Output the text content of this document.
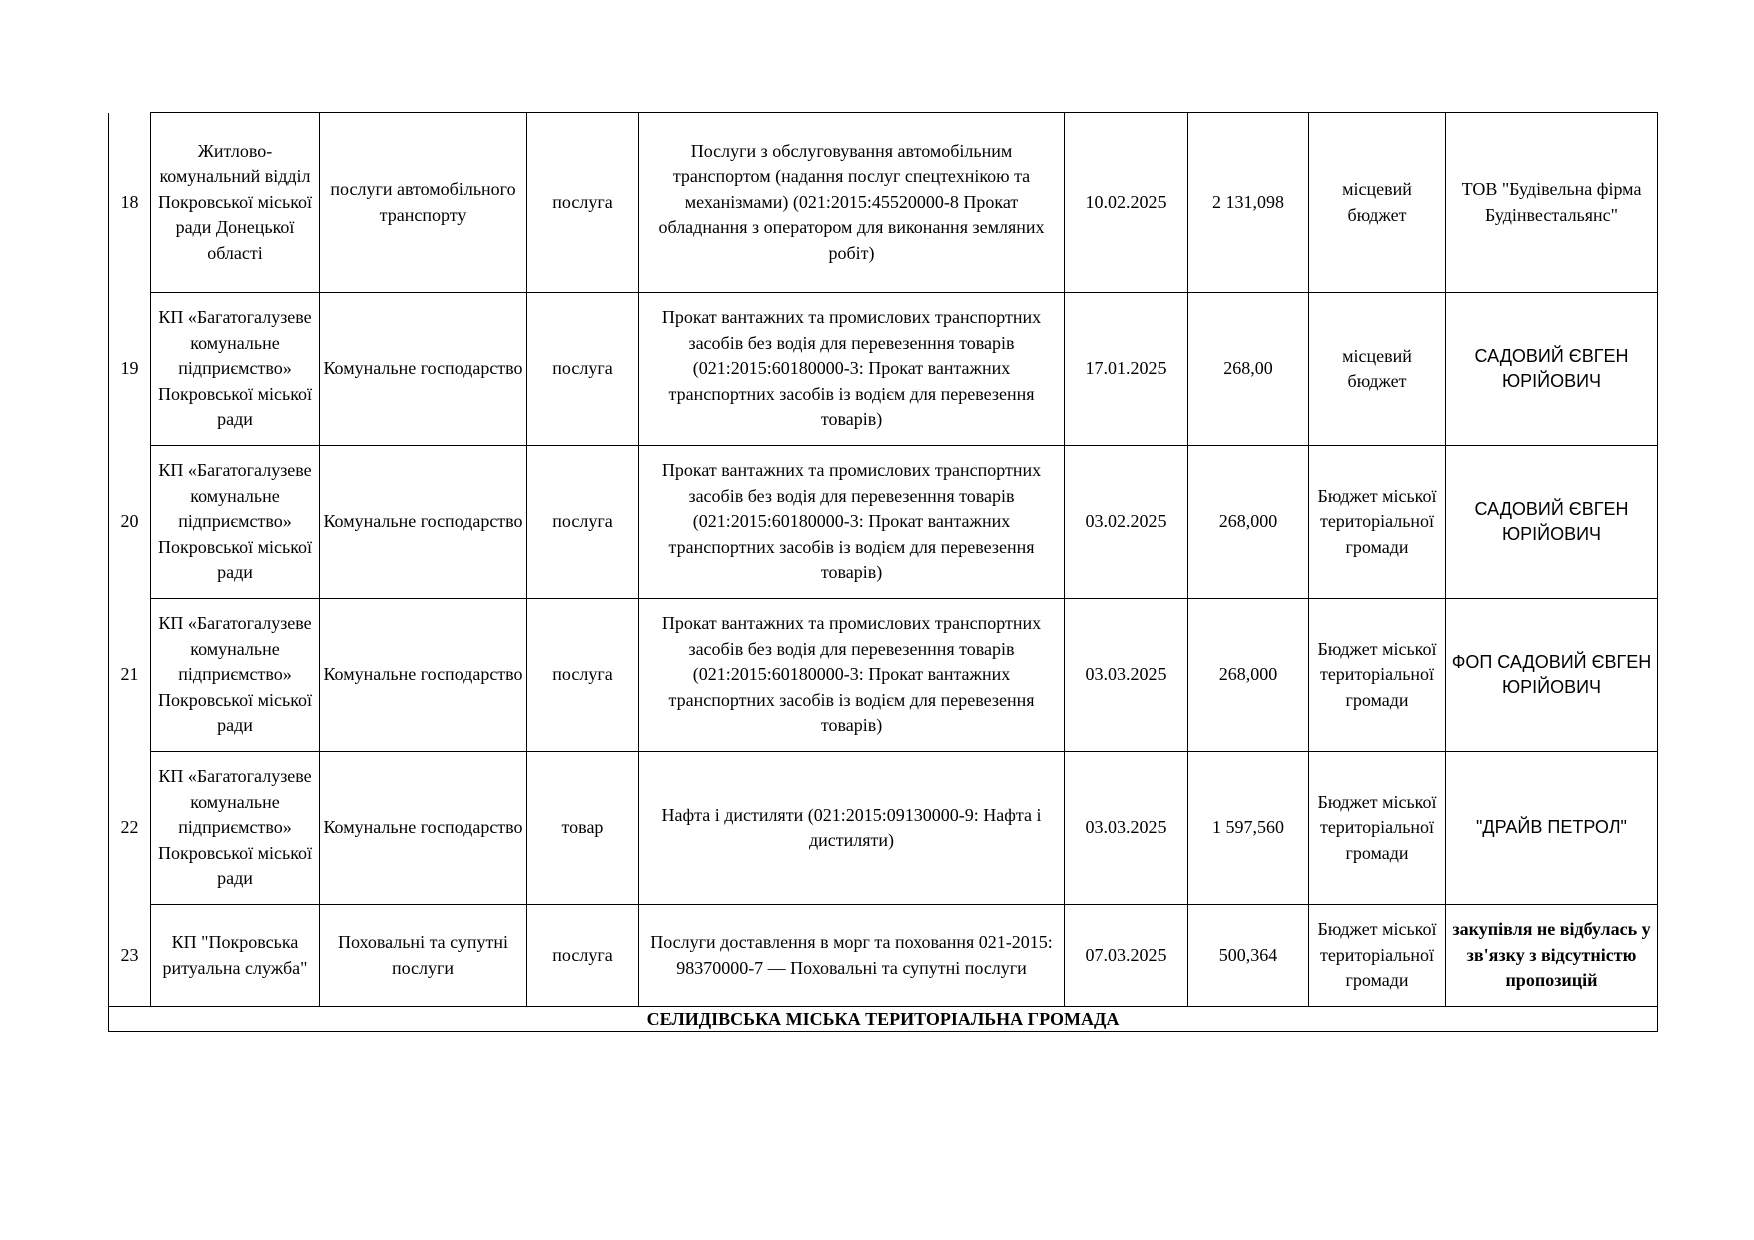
18	Житлово-комунальний відділ Покровської міської ради Донецької області	послуги автомобільного транспорту	послуга	Послуги з обслуговування автомобільним транспортом (надання послуг спецтехнікою та механізмами) (021:2015:45520000-8 Прокат обладнання з оператором для виконання земляних робіт)	10.02.2025	2 131,098	місцевий бюджет	ТОВ "Будівельна фірма Будінвестальянс"
19	КП «Багатогалузеве комунальне підприємство» Покровської міської ради	Комунальне господарство	послуга	Прокат вантажних та промислових транспортних засобів без водія для перевезенння товарів (021:2015:60180000-3: Прокат вантажних транспортних засобів із водієм для перевезення товарів)	17.01.2025	268,00	місцевий бюджет	САДОВИЙ ЄВГЕН ЮРІЙОВИЧ
20	КП «Багатогалузеве комунальне підприємство» Покровської міської ради	Комунальне господарство	послуга	Прокат вантажних та промислових транспортних засобів без водія для перевезенння товарів (021:2015:60180000-3: Прокат вантажних транспортних засобів із водієм для перевезення товарів)	03.02.2025	268,000	Бюджет міської територіальної громади	САДОВИЙ ЄВГЕН ЮРІЙОВИЧ
21	КП «Багатогалузеве комунальне підприємство» Покровської міської ради	Комунальне господарство	послуга	Прокат вантажних та промислових транспортних засобів без водія для перевезенння товарів (021:2015:60180000-3: Прокат вантажних транспортних засобів із водієм для перевезення товарів)	03.03.2025	268,000	Бюджет міської територіальної громади	ФОП САДОВИЙ ЄВГЕН ЮРІЙОВИЧ
22	КП «Багатогалузеве комунальне підприємство» Покровської міської ради	Комунальне господарство	товар	Нафта і дистиляти (021:2015:09130000-9: Нафта і дистиляти)	03.03.2025	1 597,560	Бюджет міської територіальної громади	"ДРАЙВ ПЕТРОЛ"
23	КП "Покровська ритуальна служба"	Поховальні та супутні послуги	послуга	Послуги доставлення в морг та поховання 021-2015: 98370000-7 — Поховальні та супутні послуги	07.03.2025	500,364	Бюджет міської територіальної громади	закупівля не відбулась у зв'язку з відсутністю пропозицій
СЕЛИДІВСЬКА МІСЬКА ТЕРИТОРІАЛЬНА ГРОМАДА								
